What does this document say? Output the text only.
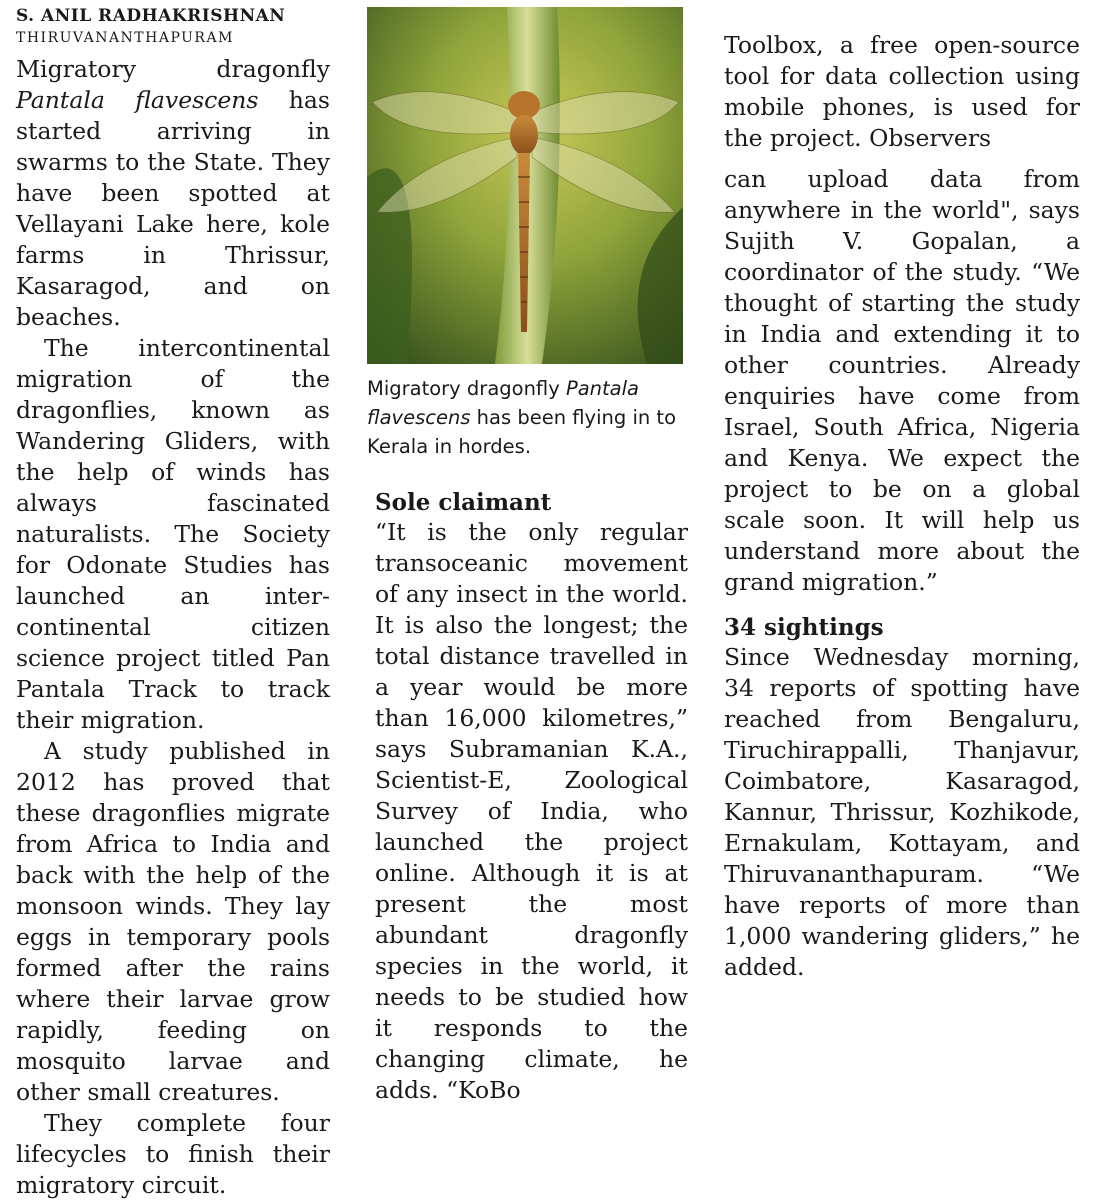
S. ANIL RADHAKRISHNAN

THIRUVANANTHAPURAM

Migratory dragonfly Pantala flavescens has started arriving in swarms to the State. They have been spotted at Vellayani Lake here, kole farms in Thrissur, Kasaragod, and on beaches.

The intercontinental migration of the dragonflies, known as Wandering Gliders, with the help of winds has always fascinated naturalists. The Society for Odonate Studies has launched an inter-continental citizen science project titled Pan Pantala Track to track their migration.

A study published in 2012 has proved that these dragonflies migrate from Africa to India and back with the help of the monsoon winds. They lay eggs in temporary pools formed after the rains where their larvae grow rapidly, feeding on mosquito larvae and other small creatures.

They complete four lifecycles to finish their migratory circuit.

Migratory dragonfly Pantala flavescens has been flying in to Kerala in hordes.

Sole claimant

“It is the only regular transoceanic movement of any insect in the world. It is also the longest; the total distance travelled in a year would be more than 16,000 kilometres,” says Subramanian K.A., Scientist-E, Zoological Survey of India, who launched the project online. Although it is at present the most abundant dragonfly species in the world, it needs to be studied how it responds to the changing climate, he adds. “KoBo

Toolbox, a free open-source tool for data collection using mobile phones, is used for the project. Observers

can upload data from anywhere in the world", says Sujith V. Gopalan, a coordinator of the study. “We thought of starting the study in India and extending it to other countries. Already enquiries have come from Israel, South Africa, Nigeria and Kenya. We expect the project to be on a global scale soon. It will help us understand more about the grand migration.”

34 sightings

Since Wednesday morning, 34 reports of spotting have reached from Bengaluru, Tiruchirappalli, Thanjavur, Coimbatore, Kasaragod, Kannur, Thrissur, Kozhikode, Ernakulam, Kottayam, and Thiruvananthapuram. “We have reports of more than 1,000 wandering gliders,” he added.
